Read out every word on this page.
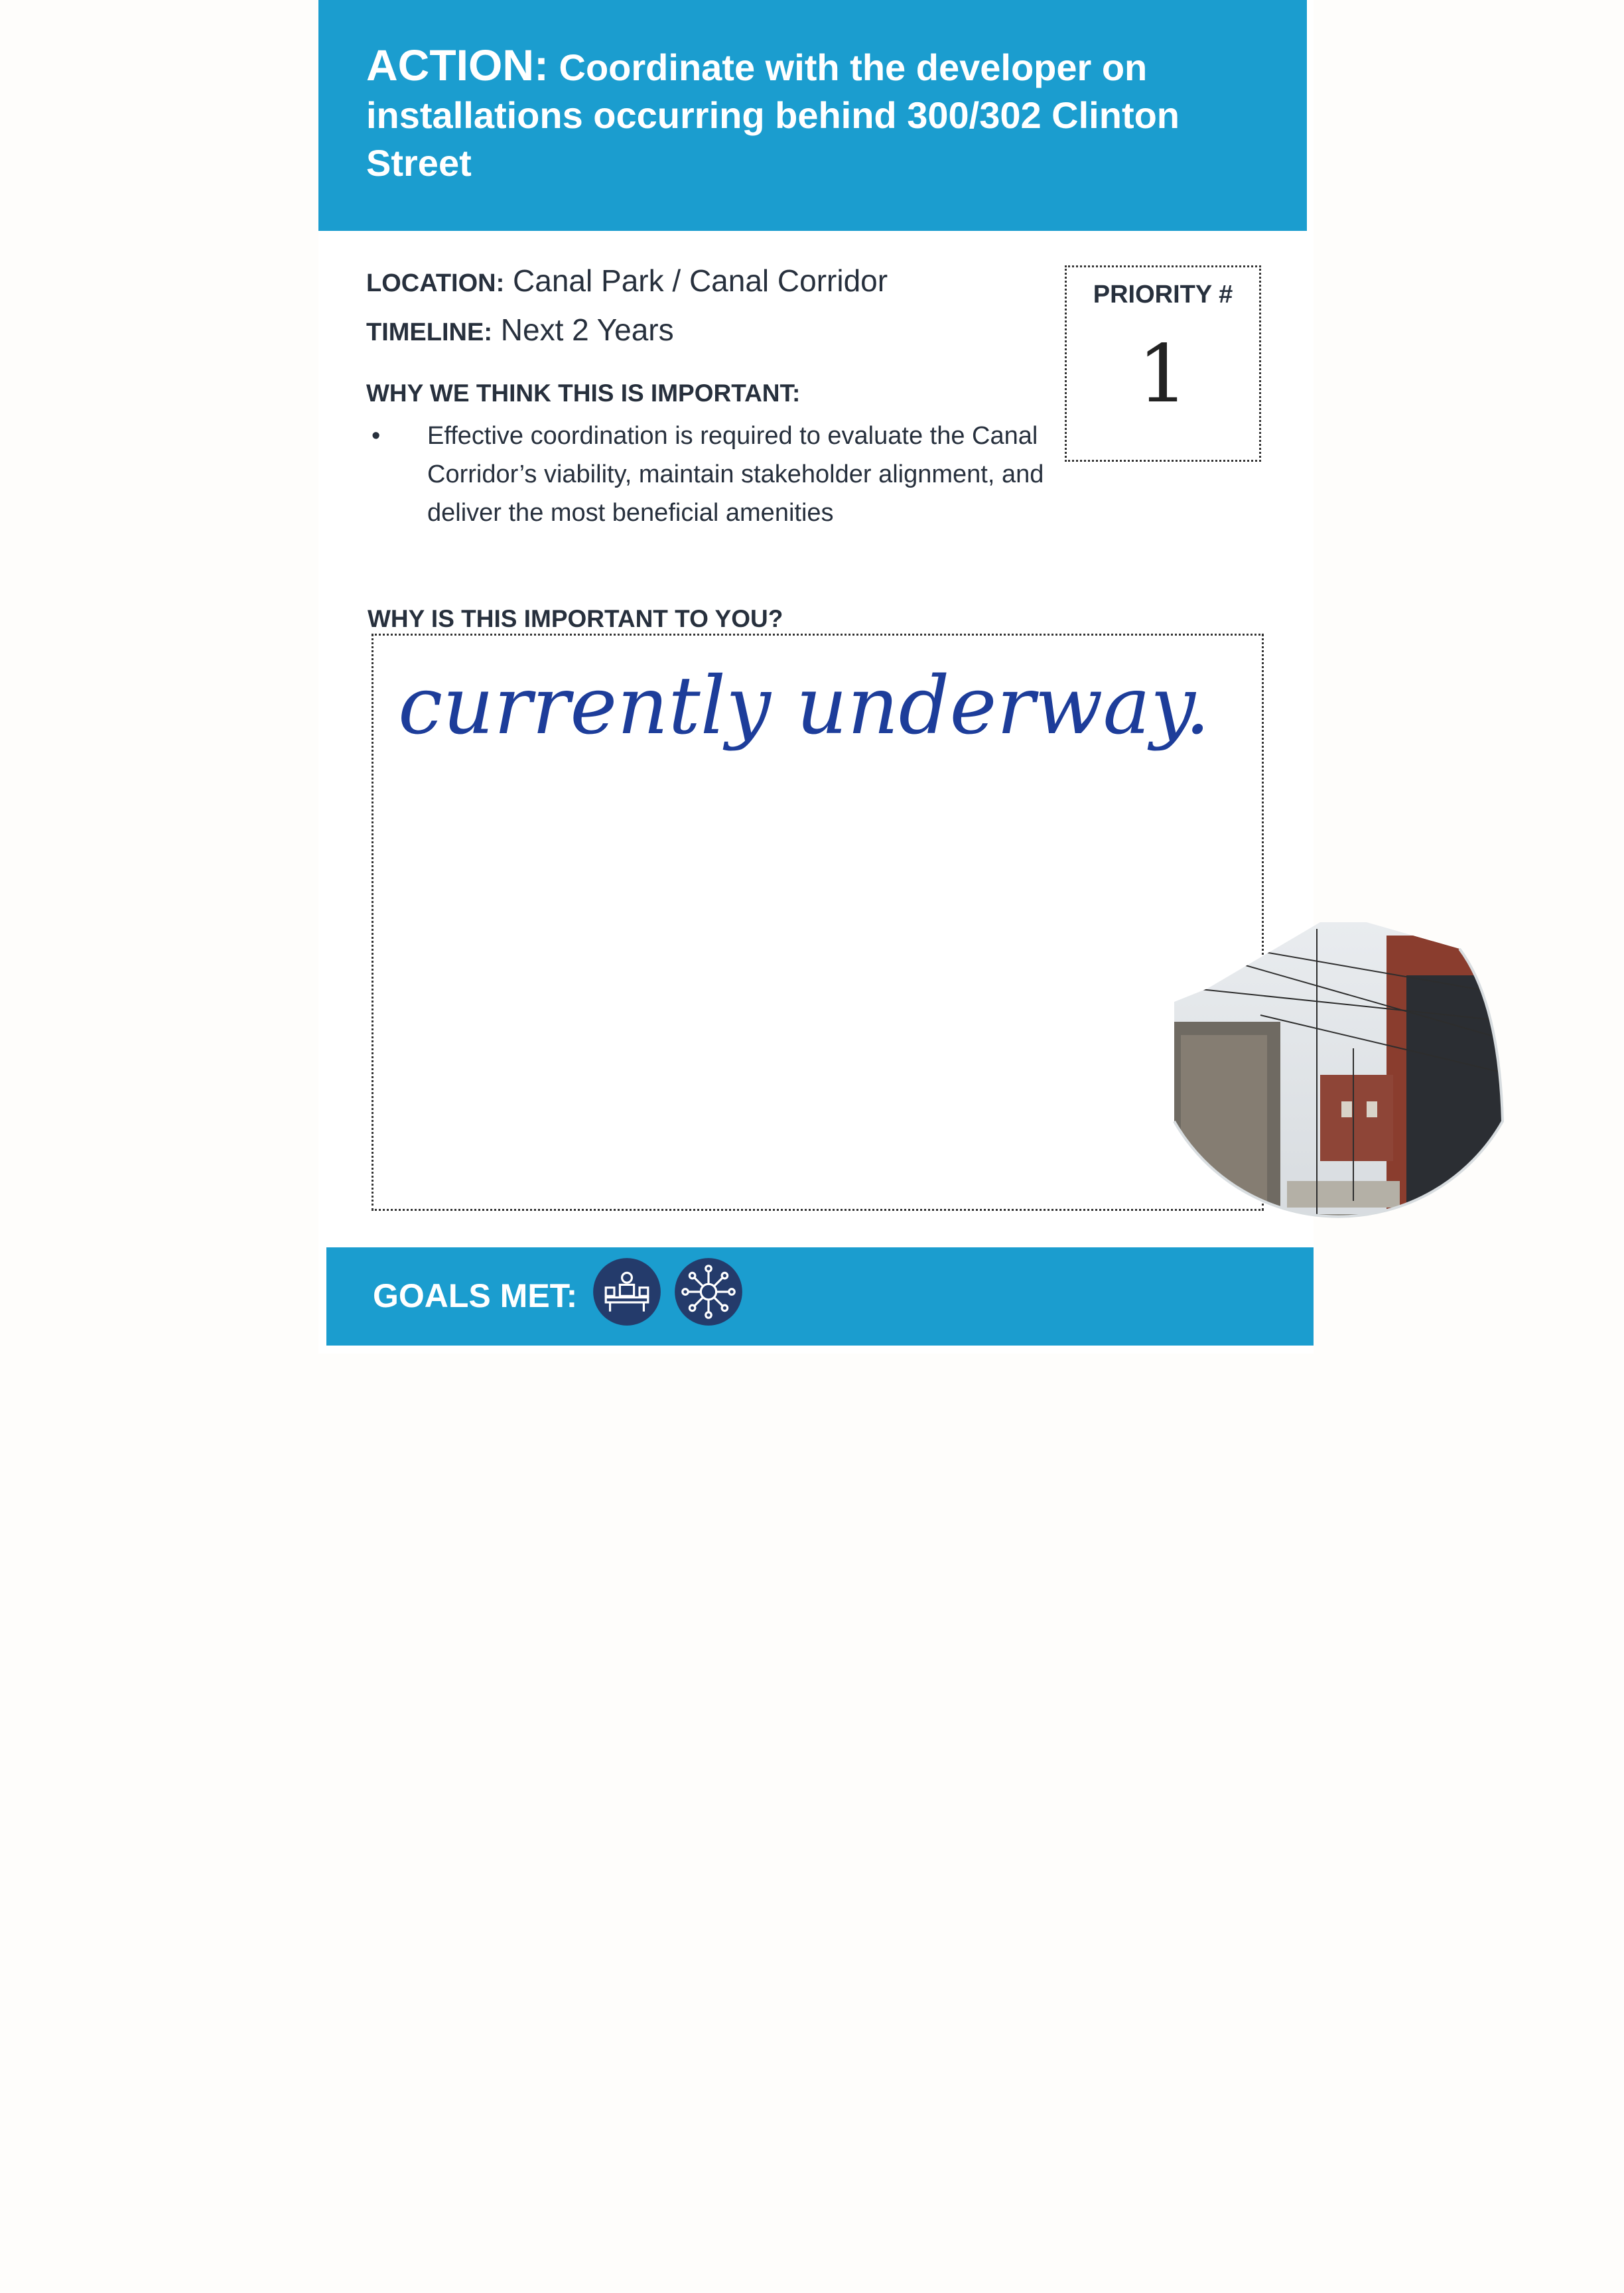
ACTION: Coordinate with the developer on installations occurring behind 300/302 Clinton Street
LOCATION: Canal Park / Canal Corridor
TIMELINE: Next 2 Years
WHY WE THINK THIS IS IMPORTANT:
• Effective coordination is required to evaluate the Canal Corridor’s viability, maintain stakeholder alignment, and deliver the most beneficial amenities
PRIORITY #
1
WHY IS THIS IMPORTANT TO YOU?
currently underway.
GOALS MET:
